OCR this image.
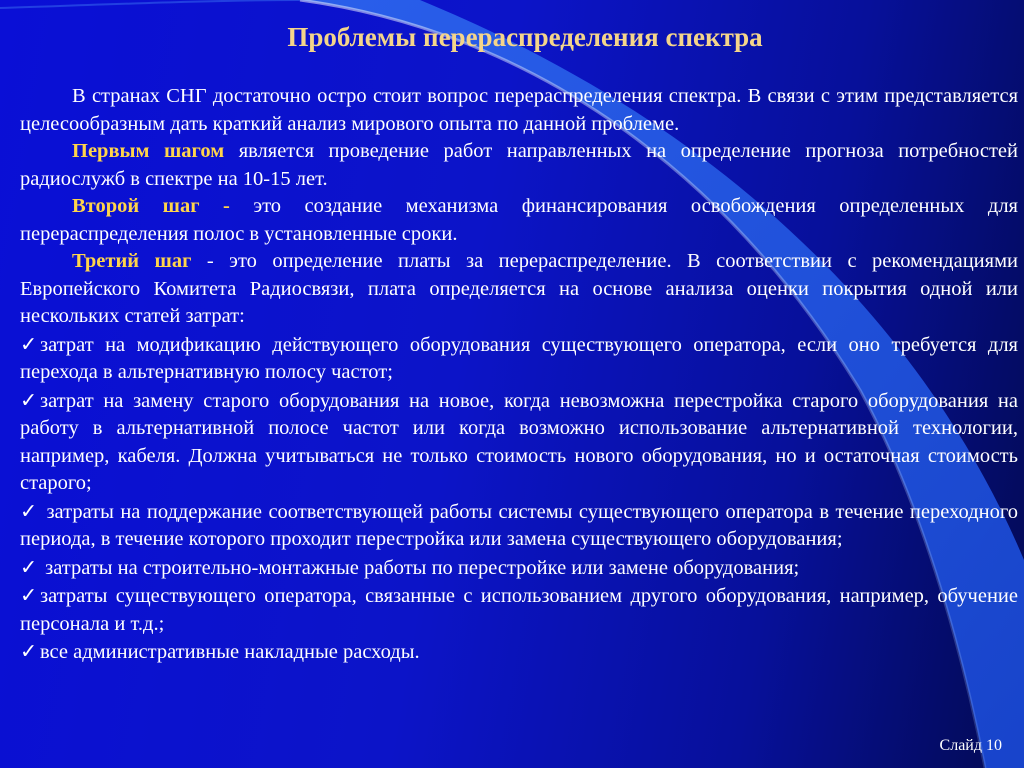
Проблемы перераспределения спектра

В странах СНГ достаточно остро стоит вопрос перераспределения спектра. В связи с этим представляется целесообразным дать краткий анализ мирового опыта по данной проблеме.

Первым шагом является проведение работ направленных на определение прогноза потребностей радиослужб в спектре на 10-15 лет.

Второй шаг - это создание механизма финансирования освобождения определенных для перераспределения полос в установленные сроки.

Третий шаг - это определение платы за перераспределение. В соответствии с рекомендациями Европейского Комитета Радиосвязи, плата определяется на основе анализа оценки покрытия одной или нескольких статей затрат:

✓ затрат на модификацию действующего оборудования существующего оператора, если оно требуется для перехода в альтернативную полосу частот;

✓ затрат на замену старого оборудования на новое, когда невозможна перестройка старого оборудования на работу в альтернативной полосе частот или когда возможно использование альтернативной технологии, например, кабеля. Должна учитываться не только стоимость нового оборудования, но и остаточная стоимость старого;

✓ затраты на поддержание соответствующей работы системы существующего оператора в течение переходного периода, в течение которого проходит перестройка или замена существующего оборудования;

✓ затраты на строительно-монтажные работы по перестройке или замене оборудования;

✓ затраты существующего оператора, связанные с использованием другого оборудования, например, обучение персонала и т.д.;

✓ все административные накладные расходы.

Слайд 10
